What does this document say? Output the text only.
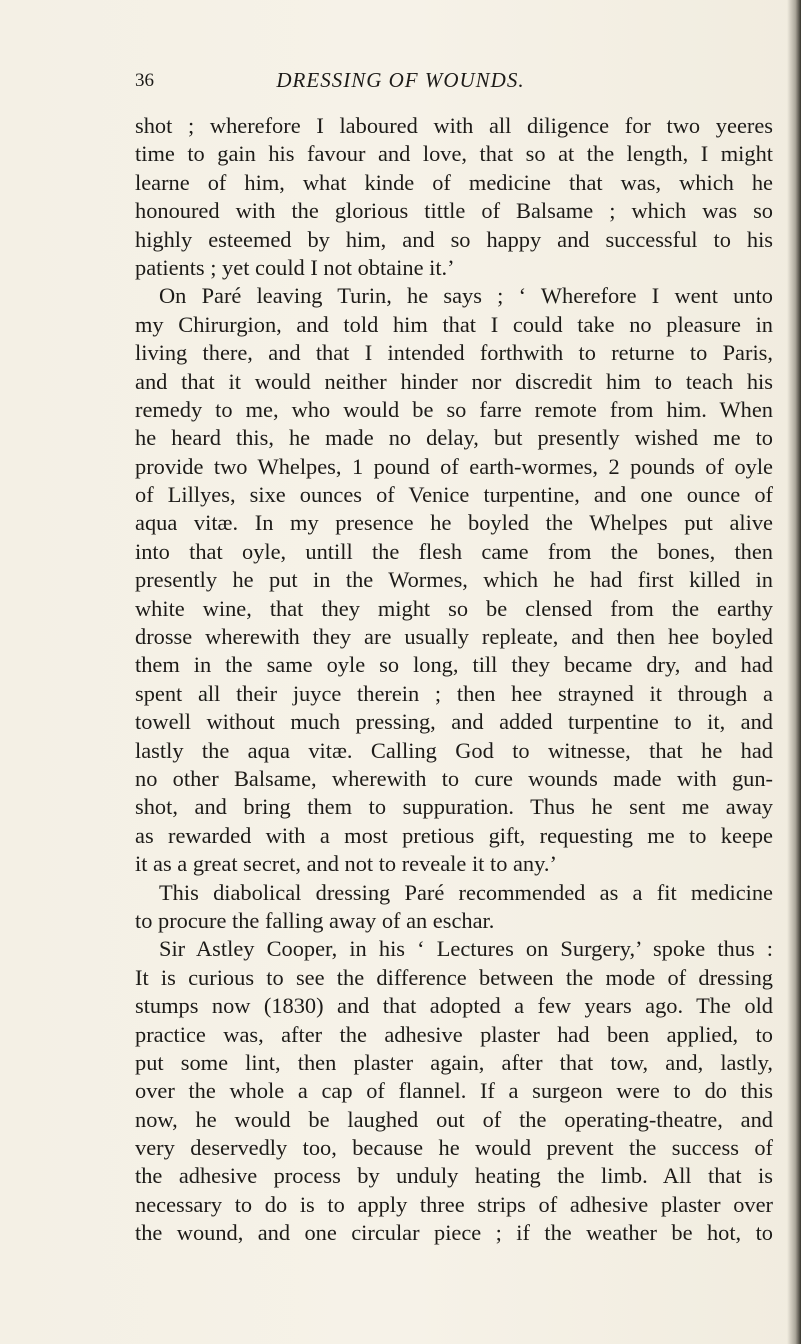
36	DRESSING OF WOUNDS.
shot ; wherefore I laboured with all diligence for two yeeres
time to gain his favour and love, that so at the length, I might
learne of him, what kinde of medicine that was, which he
honoured with the glorious tittle of Balsame ; which was so
highly esteemed by him, and so happy and successful to his
patients ; yet could I not obtaine it.’
On Paré leaving Turin, he says ; ‘ Wherefore I went unto
my Chirurgion, and told him that I could take no pleasure in
living there, and that I intended forthwith to returne to Paris,
and that it would neither hinder nor discredit him to teach his
remedy to me, who would be so farre remote from him. When
he heard this, he made no delay, but presently wished me to
provide two Whelpes, 1 pound of earth-wormes, 2 pounds of oyle
of Lillyes, sixe ounces of Venice turpentine, and one ounce of
aqua vitæ. In my presence he boyled the Whelpes put alive
into that oyle, untill the flesh came from the bones, then
presently he put in the Wormes, which he had first killed in
white wine, that they might so be clensed from the earthy
drosse wherewith they are usually repleate, and then hee boyled
them in the same oyle so long, till they became dry, and had
spent all their juyce therein ; then hee strayned it through a
towell without much pressing, and added turpentine to it, and
lastly the aqua vitæ. Calling God to witnesse, that he had
no other Balsame, wherewith to cure wounds made with gun-
shot, and bring them to suppuration. Thus he sent me away
as rewarded with a most pretious gift, requesting me to keepe
it as a great secret, and not to reveale it to any.’
This diabolical dressing Paré recommended as a fit medicine
to procure the falling away of an eschar.
Sir Astley Cooper, in his ‘ Lectures on Surgery,’ spoke thus :
It is curious to see the difference between the mode of dressing
stumps now (1830) and that adopted a few years ago. The old
practice was, after the adhesive plaster had been applied, to
put some lint, then plaster again, after that tow, and, lastly,
over the whole a cap of flannel. If a surgeon were to do this
now, he would be laughed out of the operating-theatre, and
very deservedly too, because he would prevent the success of
the adhesive process by unduly heating the limb. All that is
necessary to do is to apply three strips of adhesive plaster over
the wound, and one circular piece ; if the weather be hot, to
